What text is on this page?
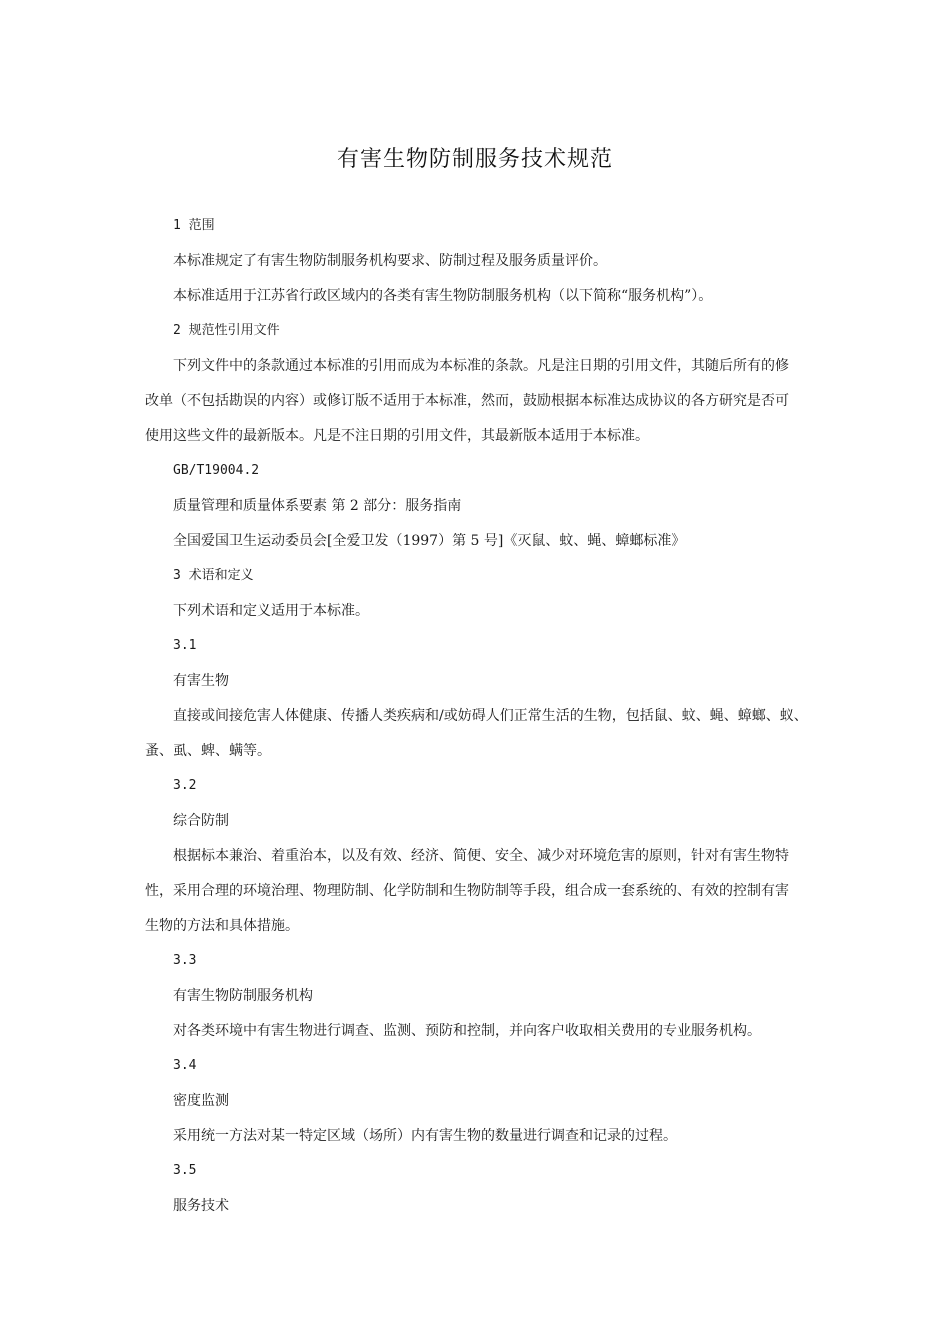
有害生物防制服务技术规范
1 范围
本标准规定了有害生物防制服务机构要求、防制过程及服务质量评价。
本标准适用于江苏省行政区域内的各类有害生物防制服务机构（以下简称“服务机构”）。
2 规范性引用文件
下列文件中的条款通过本标准的引用而成为本标准的条款。凡是注日期的引用文件，其随后所有的修
改单（不包括勘误的内容）或修订版不适用于本标准，然而，鼓励根据本标准达成协议的各方研究是否可
使用这些文件的最新版本。凡是不注日期的引用文件，其最新版本适用于本标准。
GB/T19004.2
质量管理和质量体系要素 第 2 部分：服务指南
全国爱国卫生运动委员会[全爱卫发（1997）第 5 号]《灭鼠、蚊、蝇、蟑螂标准》
3 术语和定义
下列术语和定义适用于本标准。
3.1
有害生物
直接或间接危害人体健康、传播人类疾病和/或妨碍人们正常生活的生物，包括鼠、蚊、蝇、蟑螂、蚁、
蚤、虱、蜱、螨等。
3.2
综合防制
根据标本兼治、着重治本，以及有效、经济、简便、安全、减少对环境危害的原则，针对有害生物特
性，采用合理的环境治理、物理防制、化学防制和生物防制等手段，组合成一套系统的、有效的控制有害
生物的方法和具体措施。
3.3
有害生物防制服务机构
对各类环境中有害生物进行调查、监测、预防和控制，并向客户收取相关费用的专业服务机构。
3.4
密度监测
采用统一方法对某一特定区域（场所）内有害生物的数量进行调查和记录的过程。
3.5
服务技术
